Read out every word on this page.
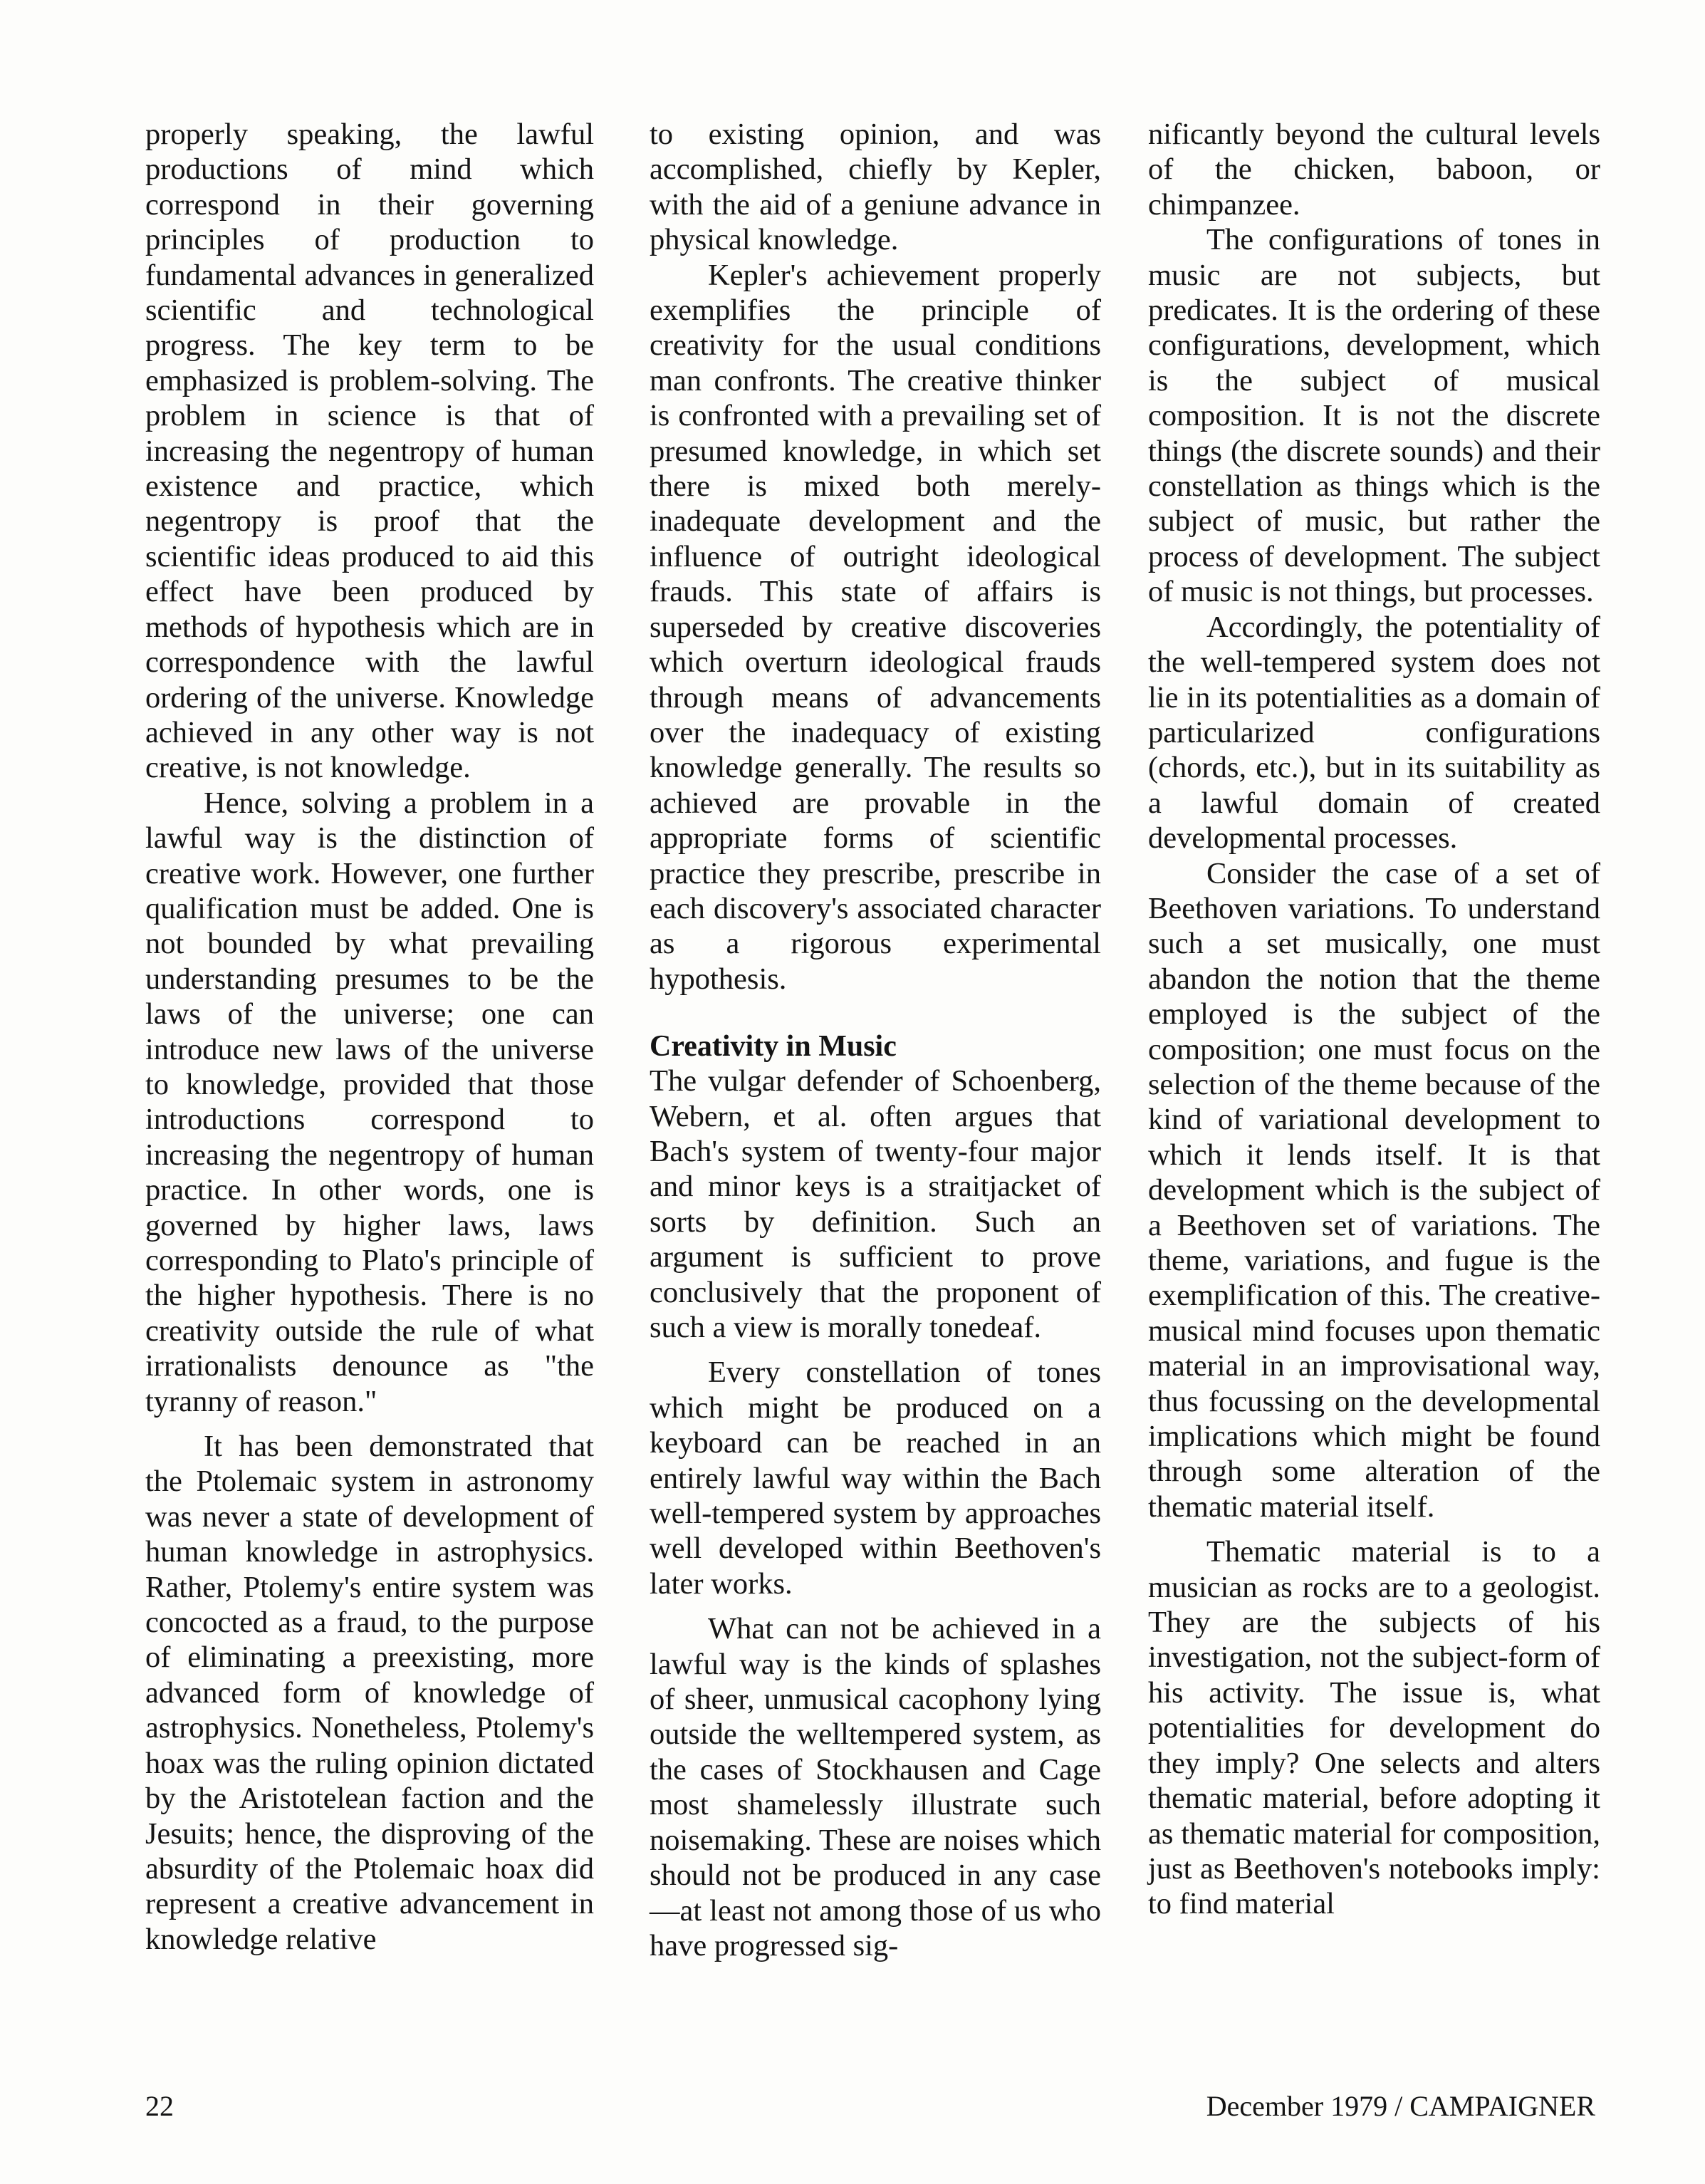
properly speaking, the lawful productions of mind which correspond in their governing principles of production to fundamental advances in generalized scientific and technological progress. The key term to be emphasized is problem-solving. The problem in science is that of increasing the negentropy of human existence and practice, which negentropy is proof that the scientific ideas produced to aid this effect have been produced by methods of hypothesis which are in correspondence with the lawful ordering of the universe. Knowledge achieved in any other way is not creative, is not knowledge.

Hence, solving a problem in a lawful way is the distinction of creative work. However, one further qualification must be added. One is not bounded by what prevailing understanding presumes to be the laws of the universe; one can introduce new laws of the universe to knowledge, provided that those introductions correspond to increasing the negentropy of human practice. In other words, one is governed by higher laws, laws corresponding to Plato's principle of the higher hypothesis. There is no creativity outside the rule of what irrationalists denounce as "the tyranny of reason."

It has been demonstrated that the Ptolemaic system in astronomy was never a state of development of human knowledge in astrophysics. Rather, Ptolemy's entire system was concocted as a fraud, to the purpose of eliminating a preexisting, more advanced form of knowledge of astrophysics. Nonetheless, Ptolemy's hoax was the ruling opinion dictated by the Aristotelean faction and the Jesuits; hence, the disproving of the absurdity of the Ptolemaic hoax did represent a creative advancement in knowledge relative

to existing opinion, and was accomplished, chiefly by Kepler, with the aid of a geniune advance in physical knowledge.

Kepler's achievement properly exemplifies the principle of creativity for the usual conditions man confronts. The creative thinker is confronted with a prevailing set of presumed knowledge, in which set there is mixed both merely-inadequate development and the influence of outright ideological frauds. This state of affairs is superseded by creative discoveries which overturn ideological frauds through means of advancements over the inadequacy of existing knowledge generally. The results so achieved are provable in the appropriate forms of scientific practice they prescribe, prescribe in each discovery's associated character as a rigorous experimental hypothesis.

Creativity in Music

The vulgar defender of Schoenberg, Webern, et al. often argues that Bach's system of twenty-four major and minor keys is a straitjacket of sorts by definition. Such an argument is sufficient to prove conclusively that the proponent of such a view is morally tonedeaf.

Every constellation of tones which might be produced on a keyboard can be reached in an entirely lawful way within the Bach well-tempered system by approaches well developed within Beethoven's later works.

What can not be achieved in a lawful way is the kinds of splashes of sheer, unmusical cacophony lying outside the welltempered system, as the cases of Stockhausen and Cage most shamelessly illustrate such noisemaking. These are noises which should not be produced in any case—at least not among those of us who have progressed sig-

nificantly beyond the cultural levels of the chicken, baboon, or chimpanzee.

The configurations of tones in music are not subjects, but predicates. It is the ordering of these configurations, development, which is the subject of musical composition. It is not the discrete things (the discrete sounds) and their constellation as things which is the subject of music, but rather the process of development. The subject of music is not things, but processes.

Accordingly, the potentiality of the well-tempered system does not lie in its potentialities as a domain of particularized configurations (chords, etc.), but in its suitability as a lawful domain of created developmental processes.

Consider the case of a set of Beethoven variations. To understand such a set musically, one must abandon the notion that the theme employed is the subject of the composition; one must focus on the selection of the theme because of the kind of variational development to which it lends itself. It is that development which is the subject of a Beethoven set of variations. The theme, variations, and fugue is the exemplification of this. The creative-musical mind focuses upon thematic material in an improvisational way, thus focussing on the developmental implications which might be found through some alteration of the thematic material itself.

Thematic material is to a musician as rocks are to a geologist. They are the subjects of his investigation, not the subject-form of his activity. The issue is, what potentialities for development do they imply? One selects and alters thematic material, before adopting it as thematic material for composition, just as Beethoven's notebooks imply: to find material

22	December 1979 / CAMPAIGNER
